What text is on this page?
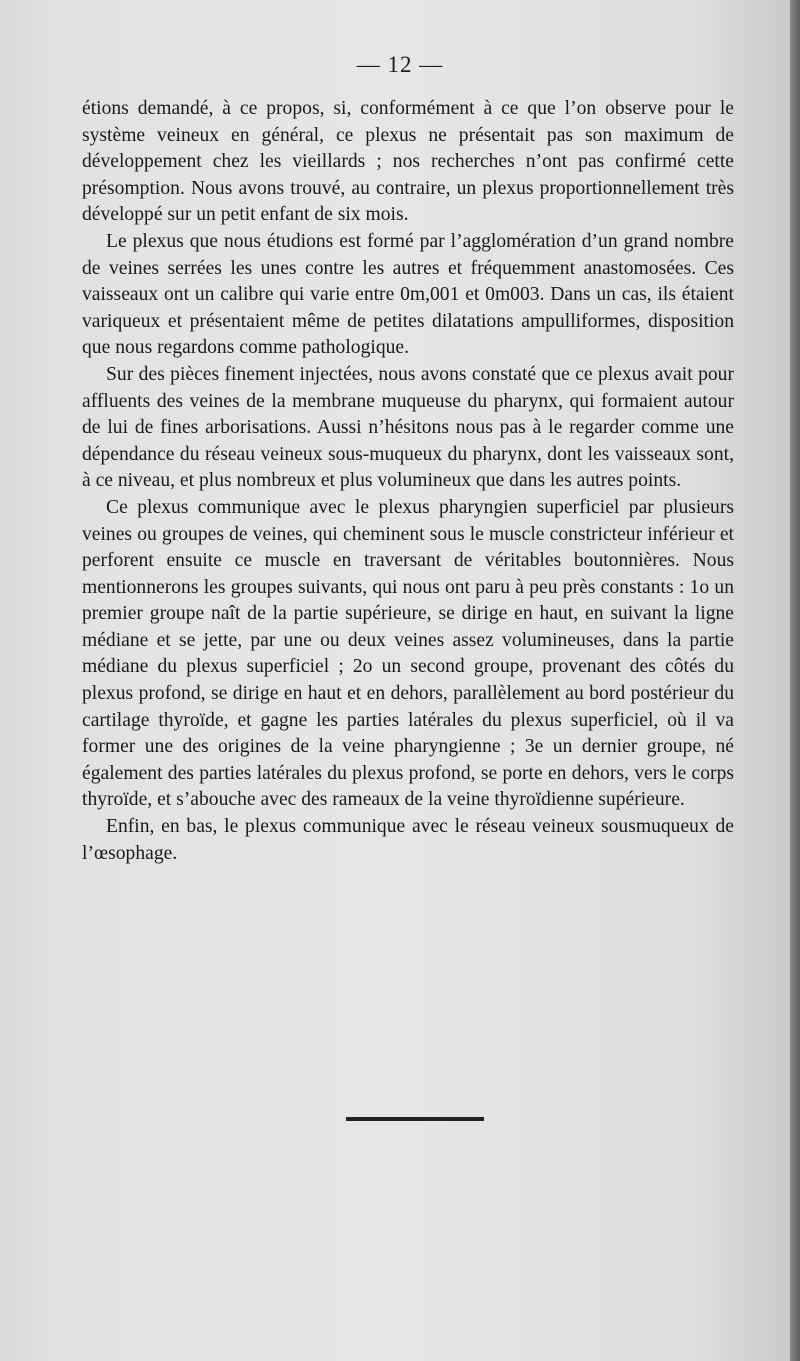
— 12 —

étions demandé, à ce propos, si, conformément à ce que l’on observe pour le système veineux en général, ce plexus ne présentait pas son maximum de développement chez les vieillards ; nos recherches n’ont pas confirmé cette présomption. Nous avons trouvé, au contraire, un plexus proportionnellement très développé sur un petit enfant de six mois.

Le plexus que nous étudions est formé par l’agglomération d’un grand nombre de veines serrées les unes contre les autres et fréquemment anastomosées. Ces vaisseaux ont un calibre qui varie entre 0m,001 et 0m003. Dans un cas, ils étaient variqueux et présentaient même de petites dilatations ampulliformes, disposition que nous regardons comme pathologique.

Sur des pièces finement injectées, nous avons constaté que ce plexus avait pour affluents des veines de la membrane muqueuse du pharynx, qui formaient autour de lui de fines arborisations. Aussi n’hésitons nous pas à le regarder comme une dépendance du réseau veineux sous-muqueux du pharynx, dont les vaisseaux sont, à ce niveau, et plus nombreux et plus volumineux que dans les autres points.

Ce plexus communique avec le plexus pharyngien superficiel par plusieurs veines ou groupes de veines, qui cheminent sous le muscle constricteur inférieur et perforent ensuite ce muscle en traversant de véritables boutonnières. Nous mentionnerons les groupes suivants, qui nous ont paru à peu près constants : 1o un premier groupe naît de la partie supérieure, se dirige en haut, en suivant la ligne médiane et se jette, par une ou deux veines assez volumineuses, dans la partie médiane du plexus superficiel ; 2o un second groupe, provenant des côtés du plexus profond, se dirige en haut et en dehors, parallèlement au bord postérieur du cartilage thyroïde, et gagne les parties latérales du plexus superficiel, où il va former une des origines de la veine pharyngienne ; 3e un dernier groupe, né également des parties latérales du plexus profond, se porte en dehors, vers le corps thyroïde, et s’abouche avec des rameaux de la veine thyroïdienne supérieure.

Enfin, en bas, le plexus communique avec le réseau veineux sousmuqueux de l’œsophage.
